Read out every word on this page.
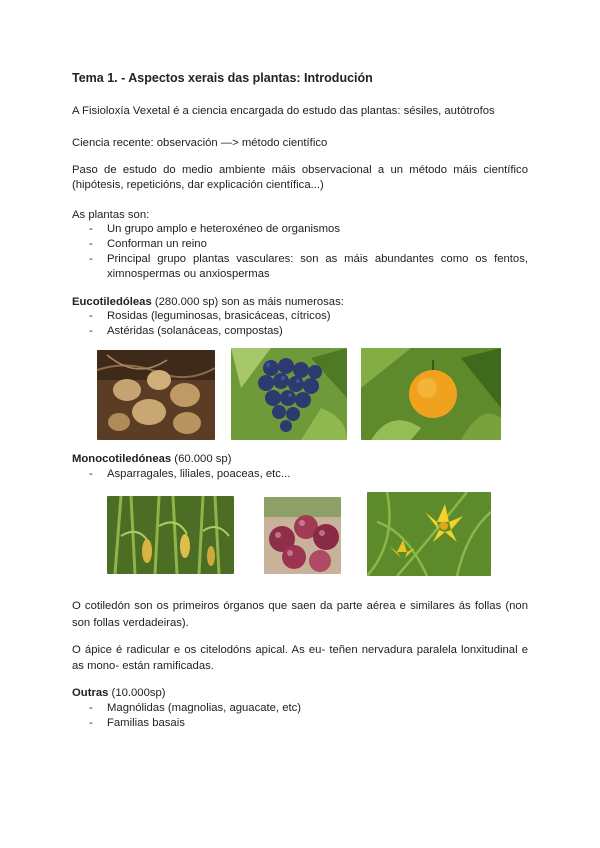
Tema 1. - Aspectos xerais das plantas: Introdución
A Fisioloxía Vexetal é a ciencia encargada do estudo das plantas: sésiles, autótrofos
Ciencia recente: observación —> método científico
Paso de estudo do medio ambiente máis observacional a un método máis científico (hipótesis, repeticións, dar explicación científica...)
As plantas son:
- Un grupo amplo e heteroxéneo de organismos
- Conforman un reino
- Principal grupo plantas vasculares: son as máis abundantes como os fentos, ximnospermas ou anxiospermas
Eucotiledóleas (280.000 sp) son as máis numerosas:
- Rosidas (leguminosas, brasicáceas, cítricos)
- Astéridas (solanáceas, compostas)
Monocotiledóneas (60.000 sp)
- Asparragales, liliales, poaceas, etc...
O cotiledón son os primeiros órganos que saen da parte aérea e similares ás follas (non son follas verdadeiras).
O ápice é radicular e os citelodóns apical. As eu- teñen nervadura paralela lonxitudinal e as mono- están ramificadas.
Outras (10.000sp)
- Magnólidas (magnolias, aguacate, etc)
- Familias basais
